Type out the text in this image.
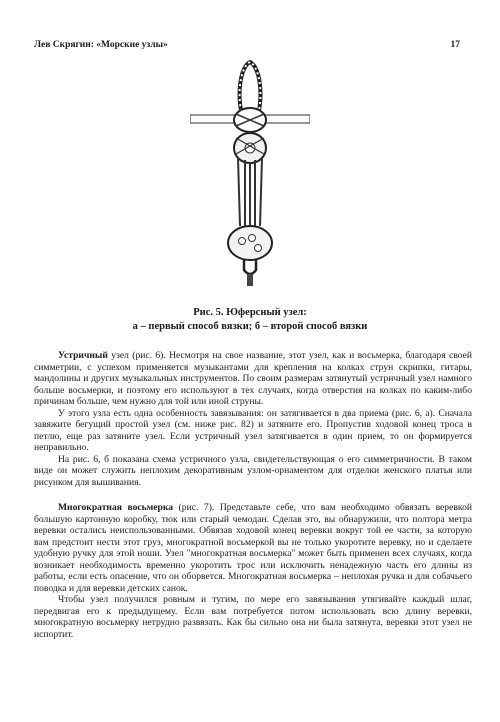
Лев Скрягин: «Морские узлы»	17
Рис. 5. Юферсный узел:
а – первый способ вязки; б – второй способ вязки

Устричный узел (рис. 6). Несмотря на свое название, этот узел, как и восьмерка, благодаря своей симметрии, с успехом применяется музыкантами для крепления на колках струн скрипки, гитары, мандолины и других музыкальных инструментов. По своим размерам затянутый устричный узел намного больше восьмерки, и поэтому его используют в тех случаях, когда отверстия на колках по каким-либо причинам больше, чем нужно для той или иной струны.

У этого узла есть одна особенность завязывания: он затягивается в два приема (рис. 6, а). Сначала завяжите бегущий простой узел (см. ниже рис. 82) и затяните его. Пропустив ходовой конец троса в петлю, еще раз затяните узел. Если устричный узел затягивается в один прием, то он формируется неправильно.

На рис. 6, б показана схема устричного узла, свидетельствующая о его симметричности. В таком виде он может служить неплохим декоративным узлом-орнаментом для отделки женского платья или рисунком для вышивания.

Многократная восьмерка (рис. 7). Представьте себе, что вам необходимо обвязать веревкой большую картонную коробку, тюк или старый чемодан. Сделав это, вы обнаружили, что полтора метра веревки остались неиспользованными. Обвязав ходовой конец веревки вокруг той ее части, за которую вам предстоит нести этот груз, многократной восьмеркой вы не только укоротите веревку, но и сделаете удобную ручку для этой ноши. Узел "многократная восьмерка" может быть применен всех случаях, когда возникает необходимость временно укоротить трос или исключить ненадежную часть его длины из работы, если есть опасение, что он оборвется. Многократная восьмерка – неплохая ручка и для собачьего поводка и для веревки детских санок.

Чтобы узел получился ровным и тугим, по мере его завязывания утягивайте каждый шлаг, передвигая его к предыдущему. Если вам потребуется потом использовать всю длину веревки, многократную восьмерку нетрудно развязать. Как бы сильно она ни была затянута, веревки этот узел не испортит.
